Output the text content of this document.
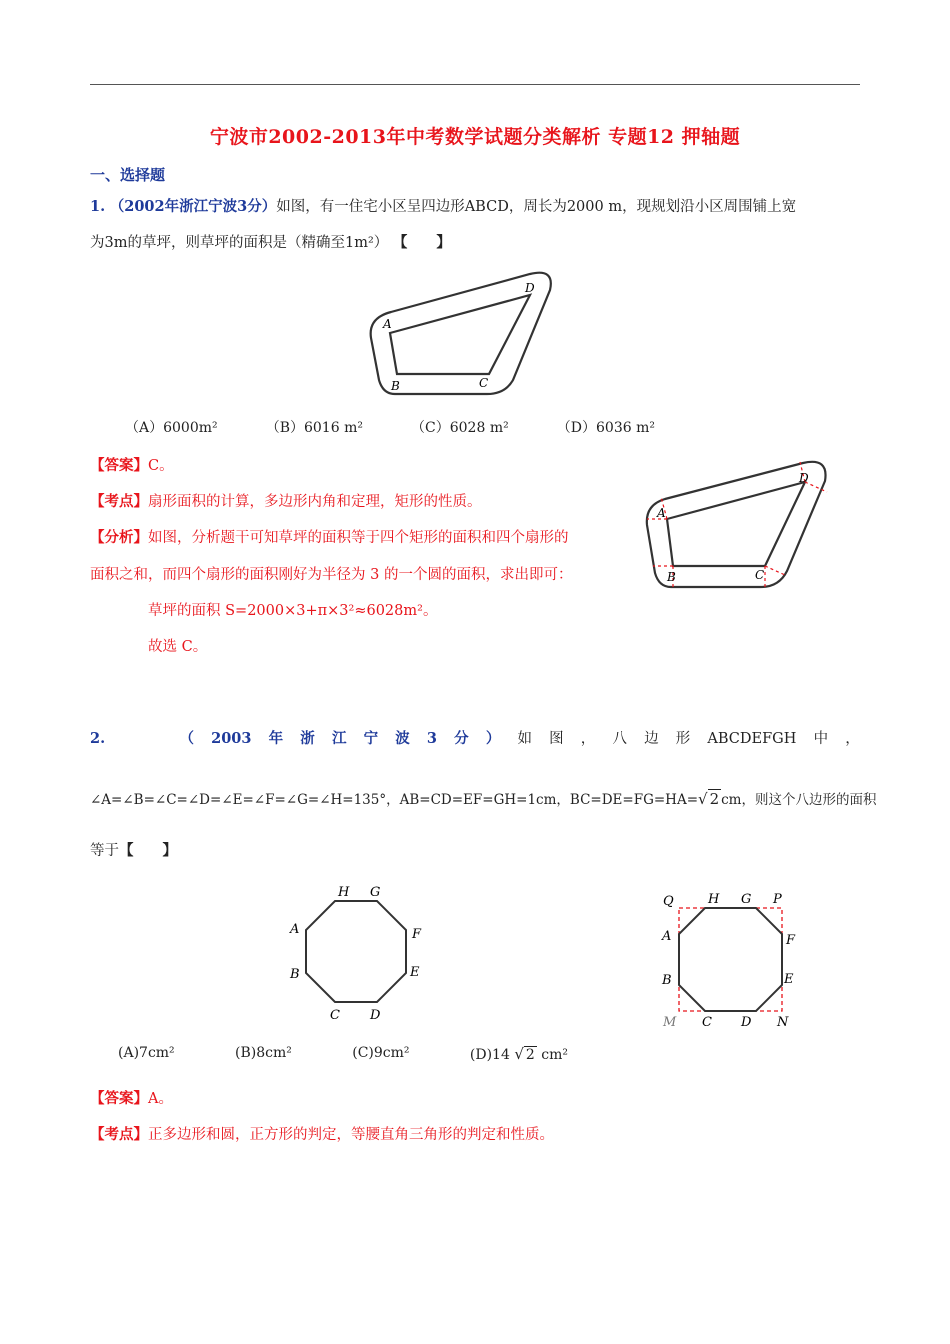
宁波市2002-2013年中考数学试题分类解析 专题12 押轴题
一、选择题
1. （2002年浙江宁波3分）如图，有一住宅小区呈四边形ABCD，周长为2000 m，现规划沿小区周围铺上宽
为3m的草坪，则草坪的面积是（精确至1m²） 【　　】
A
B	C
D
（A）6000m²	（B）6016 m²	（C）6028 m²	（D）6036 m²
【答案】C。
【考点】扇形面积的计算，多边形内角和定理，矩形的性质。
【分析】如图，分析题干可知草坪的面积等于四个矩形的面积和四个扇形的
面积之和，而四个扇形的面积刚好为半径为 3 的一个圆的面积，求出即可：
草坪的面积 S=2000×3+π×3²≈6028m²。
故选 C。
A
B	C
D
2.	（ 2003 年 浙 江 宁 波 3 分 ） 如 图 ， 八 边 形 ABCDEFGH 中 ，
∠A=∠B=∠C=∠D=∠E=∠F=∠G=∠H=135°，AB=CD=EF=GH=1cm，BC=DE=FG=HA=√ 2 cm，则这个八边形的面积
等于【　　】
H G
A	F
B	E
C D
Q	H G P
A	F
B	E
M C D N
(A)7cm²	(B)8cm²	(C)9cm²	(D)14 √ 2 cm²
【答案】A。
【考点】正多边形和圆，正方形的判定，等腰直角三角形的判定和性质。
